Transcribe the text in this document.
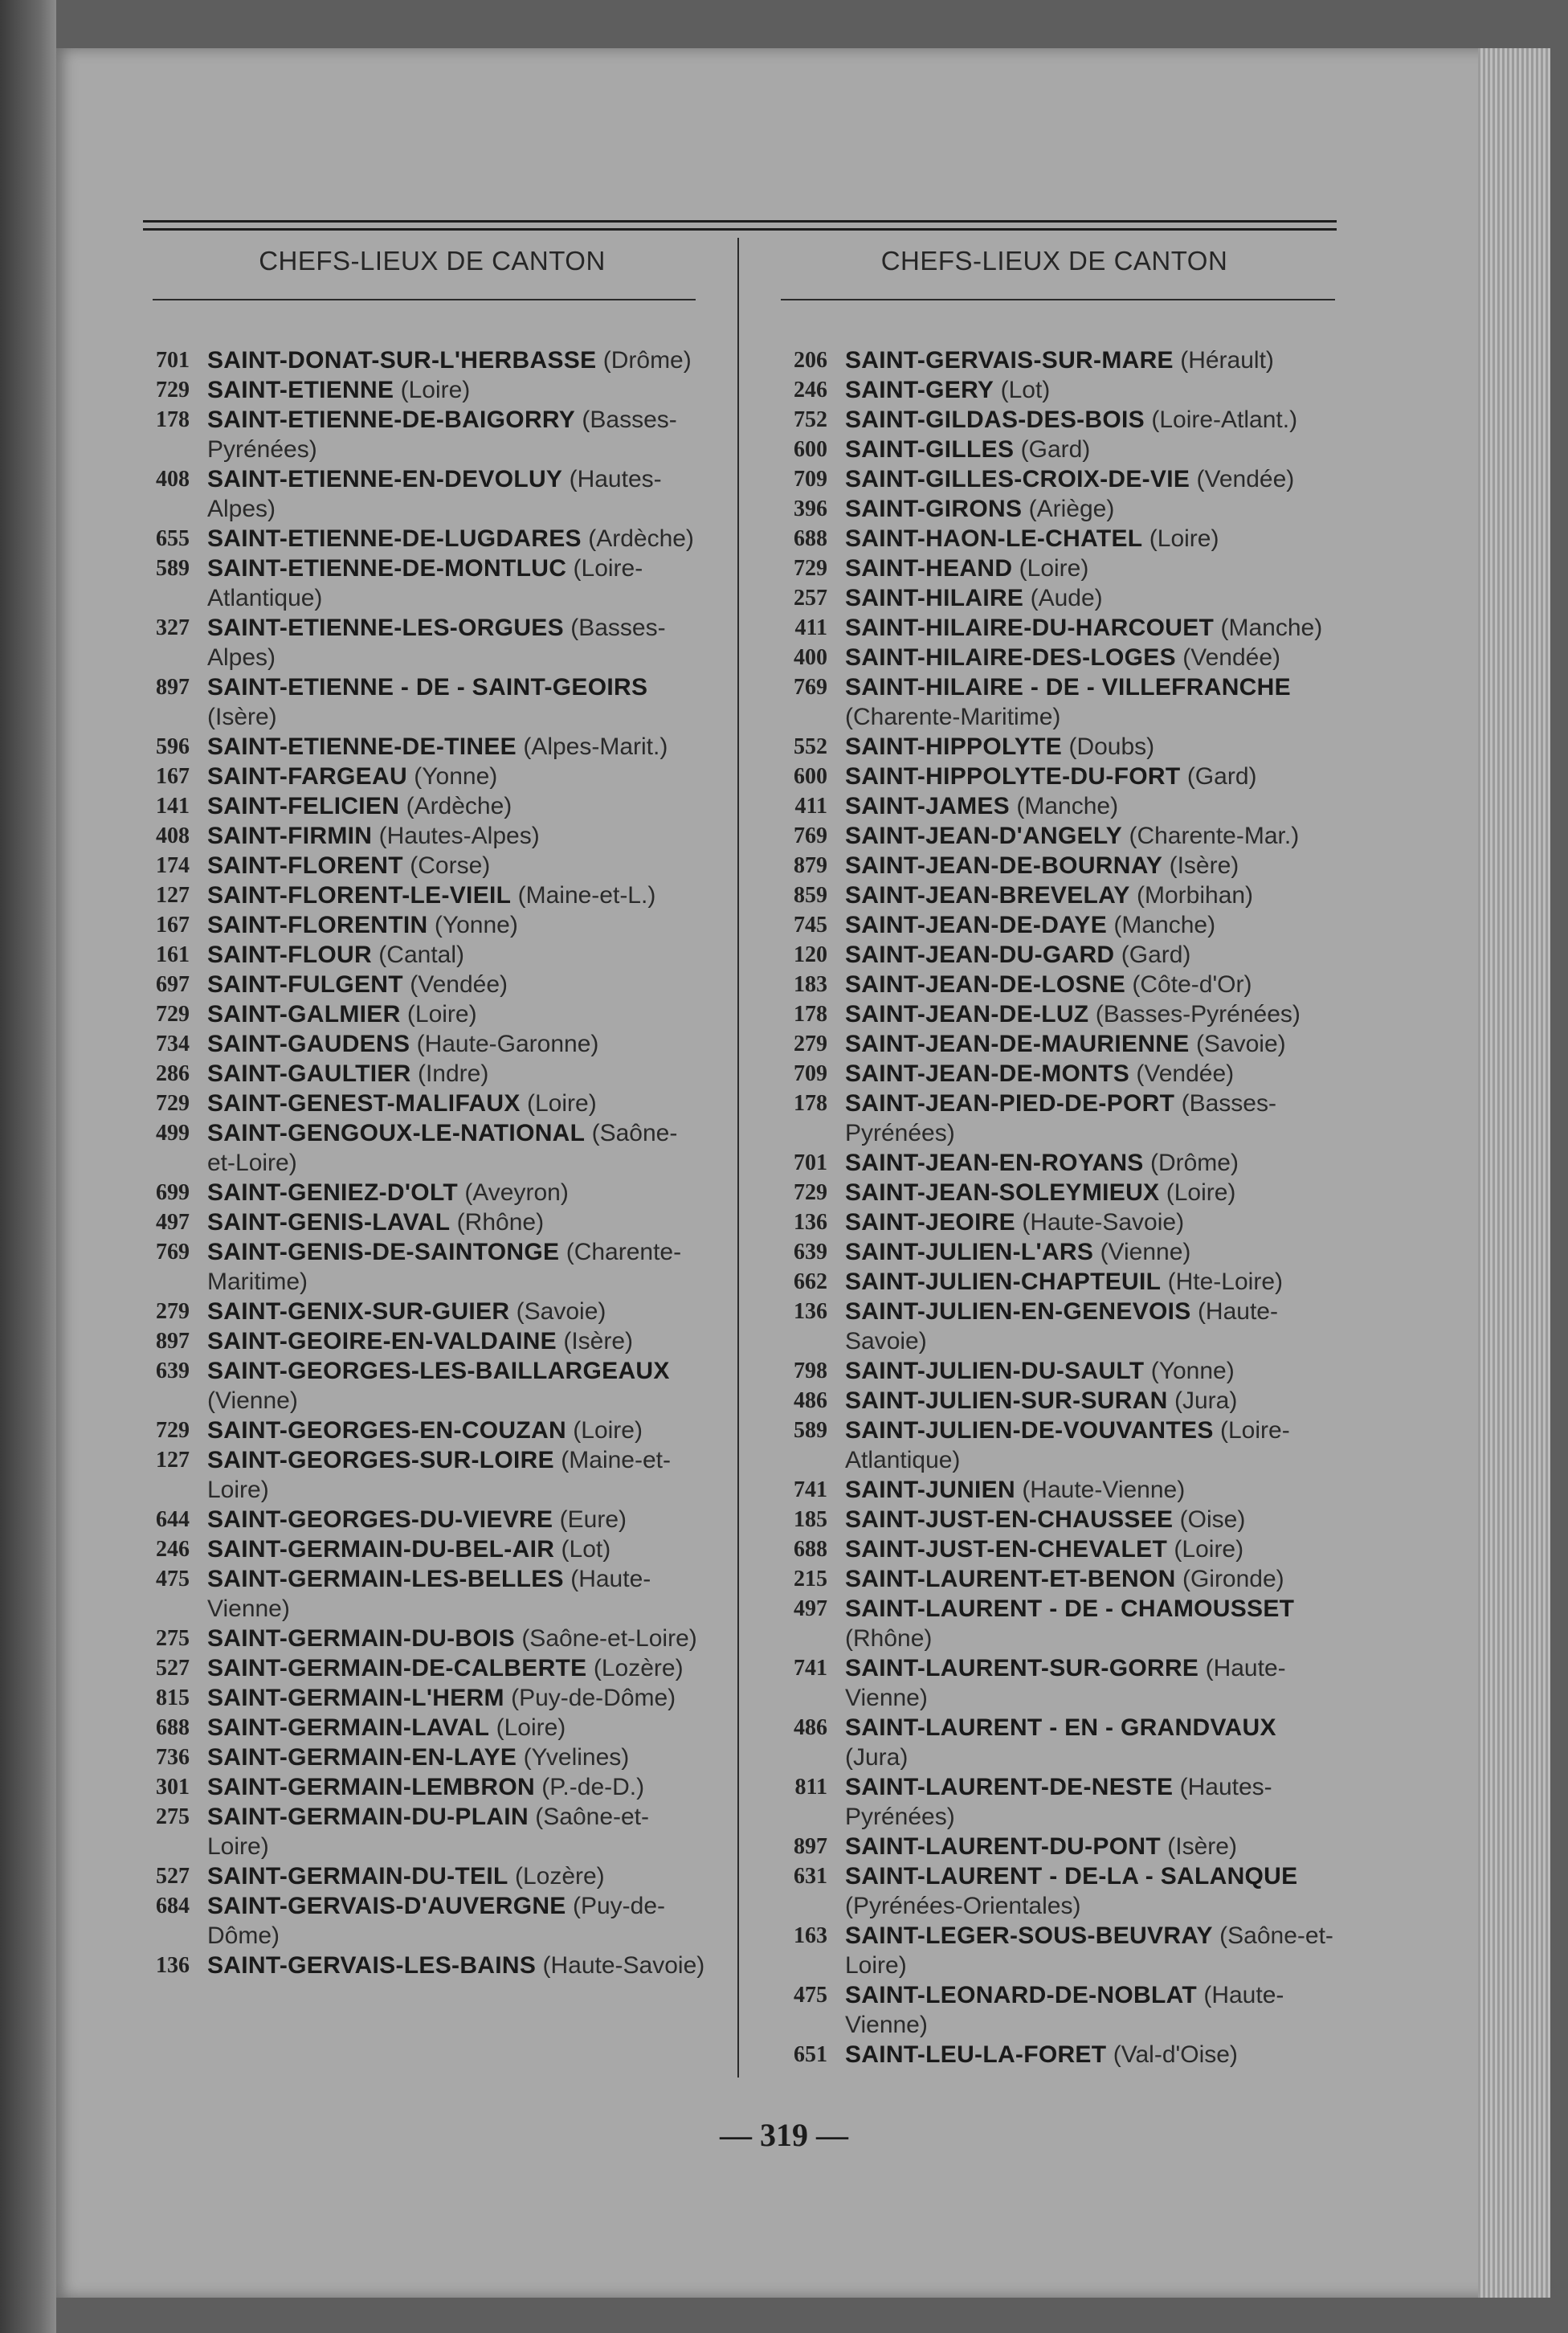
CHEFS-LIEUX DE CANTON	CHEFS-LIEUX DE CANTON
701 SAINT-DONAT-SUR-L'HERBASSE (Drôme)
729 SAINT-ETIENNE (Loire)
178 SAINT-ETIENNE-DE-BAIGORRY (Basses-Pyrénées)
408 SAINT-ETIENNE-EN-DEVOLUY (Hautes-Alpes)
655 SAINT-ETIENNE-DE-LUGDARES (Ardèche)
589 SAINT-ETIENNE-DE-MONTLUC (Loire-Atlantique)
327 SAINT-ETIENNE-LES-ORGUES (Basses-Alpes)
897 SAINT-ETIENNE - DE - SAINT-GEOIRS (Isère)
596 SAINT-ETIENNE-DE-TINEE (Alpes-Marit.)
167 SAINT-FARGEAU (Yonne)
141 SAINT-FELICIEN (Ardèche)
408 SAINT-FIRMIN (Hautes-Alpes)
174 SAINT-FLORENT (Corse)
127 SAINT-FLORENT-LE-VIEIL (Maine-et-L.)
167 SAINT-FLORENTIN (Yonne)
161 SAINT-FLOUR (Cantal)
697 SAINT-FULGENT (Vendée)
729 SAINT-GALMIER (Loire)
734 SAINT-GAUDENS (Haute-Garonne)
286 SAINT-GAULTIER (Indre)
729 SAINT-GENEST-MALIFAUX (Loire)
499 SAINT-GENGOUX-LE-NATIONAL (Saône-et-Loire)
699 SAINT-GENIEZ-D'OLT (Aveyron)
497 SAINT-GENIS-LAVAL (Rhône)
769 SAINT-GENIS-DE-SAINTONGE (Charente-Maritime)
279 SAINT-GENIX-SUR-GUIER (Savoie)
897 SAINT-GEOIRE-EN-VALDAINE (Isère)
639 SAINT-GEORGES-LES-BAILLARGEAUX (Vienne)
729 SAINT-GEORGES-EN-COUZAN (Loire)
127 SAINT-GEORGES-SUR-LOIRE (Maine-et-Loire)
644 SAINT-GEORGES-DU-VIEVRE (Eure)
246 SAINT-GERMAIN-DU-BEL-AIR (Lot)
475 SAINT-GERMAIN-LES-BELLES (Haute-Vienne)
275 SAINT-GERMAIN-DU-BOIS (Saône-et-Loire)
527 SAINT-GERMAIN-DE-CALBERTE (Lozère)
815 SAINT-GERMAIN-L'HERM (Puy-de-Dôme)
688 SAINT-GERMAIN-LAVAL (Loire)
736 SAINT-GERMAIN-EN-LAYE (Yvelines)
301 SAINT-GERMAIN-LEMBRON (P.-de-D.)
275 SAINT-GERMAIN-DU-PLAIN (Saône-et-Loire)
527 SAINT-GERMAIN-DU-TEIL (Lozère)
684 SAINT-GERVAIS-D'AUVERGNE (Puy-de-Dôme)
136 SAINT-GERVAIS-LES-BAINS (Haute-Savoie)
206 SAINT-GERVAIS-SUR-MARE (Hérault)
246 SAINT-GERY (Lot)
752 SAINT-GILDAS-DES-BOIS (Loire-Atlant.)
600 SAINT-GILLES (Gard)
709 SAINT-GILLES-CROIX-DE-VIE (Vendée)
396 SAINT-GIRONS (Ariège)
688 SAINT-HAON-LE-CHATEL (Loire)
729 SAINT-HEAND (Loire)
257 SAINT-HILAIRE (Aude)
411 SAINT-HILAIRE-DU-HARCOUET (Manche)
400 SAINT-HILAIRE-DES-LOGES (Vendée)
769 SAINT-HILAIRE - DE - VILLEFRANCHE (Charente-Maritime)
552 SAINT-HIPPOLYTE (Doubs)
600 SAINT-HIPPOLYTE-DU-FORT (Gard)
411 SAINT-JAMES (Manche)
769 SAINT-JEAN-D'ANGELY (Charente-Mar.)
879 SAINT-JEAN-DE-BOURNAY (Isère)
859 SAINT-JEAN-BREVELAY (Morbihan)
745 SAINT-JEAN-DE-DAYE (Manche)
120 SAINT-JEAN-DU-GARD (Gard)
183 SAINT-JEAN-DE-LOSNE (Côte-d'Or)
178 SAINT-JEAN-DE-LUZ (Basses-Pyrénées)
279 SAINT-JEAN-DE-MAURIENNE (Savoie)
709 SAINT-JEAN-DE-MONTS (Vendée)
178 SAINT-JEAN-PIED-DE-PORT (Basses-Pyrénées)
701 SAINT-JEAN-EN-ROYANS (Drôme)
729 SAINT-JEAN-SOLEYMIEUX (Loire)
136 SAINT-JEOIRE (Haute-Savoie)
639 SAINT-JULIEN-L'ARS (Vienne)
662 SAINT-JULIEN-CHAPTEUIL (Hte-Loire)
136 SAINT-JULIEN-EN-GENEVOIS (Haute-Savoie)
798 SAINT-JULIEN-DU-SAULT (Yonne)
486 SAINT-JULIEN-SUR-SURAN (Jura)
589 SAINT-JULIEN-DE-VOUVANTES (Loire-Atlantique)
741 SAINT-JUNIEN (Haute-Vienne)
185 SAINT-JUST-EN-CHAUSSEE (Oise)
688 SAINT-JUST-EN-CHEVALET (Loire)
215 SAINT-LAURENT-ET-BENON (Gironde)
497 SAINT-LAURENT - DE - CHAMOUSSET (Rhône)
741 SAINT-LAURENT-SUR-GORRE (Haute-Vienne)
486 SAINT-LAURENT - EN - GRANDVAUX (Jura)
811 SAINT-LAURENT-DE-NESTE (Hautes-Pyrénées)
897 SAINT-LAURENT-DU-PONT (Isère)
631 SAINT-LAURENT - DE-LA - SALANQUE (Pyrénées-Orientales)
163 SAINT-LEGER-SOUS-BEUVRAY (Saône-et-Loire)
475 SAINT-LEONARD-DE-NOBLAT (Haute-Vienne)
651 SAINT-LEU-LA-FORET (Val-d'Oise)
— 319 —
